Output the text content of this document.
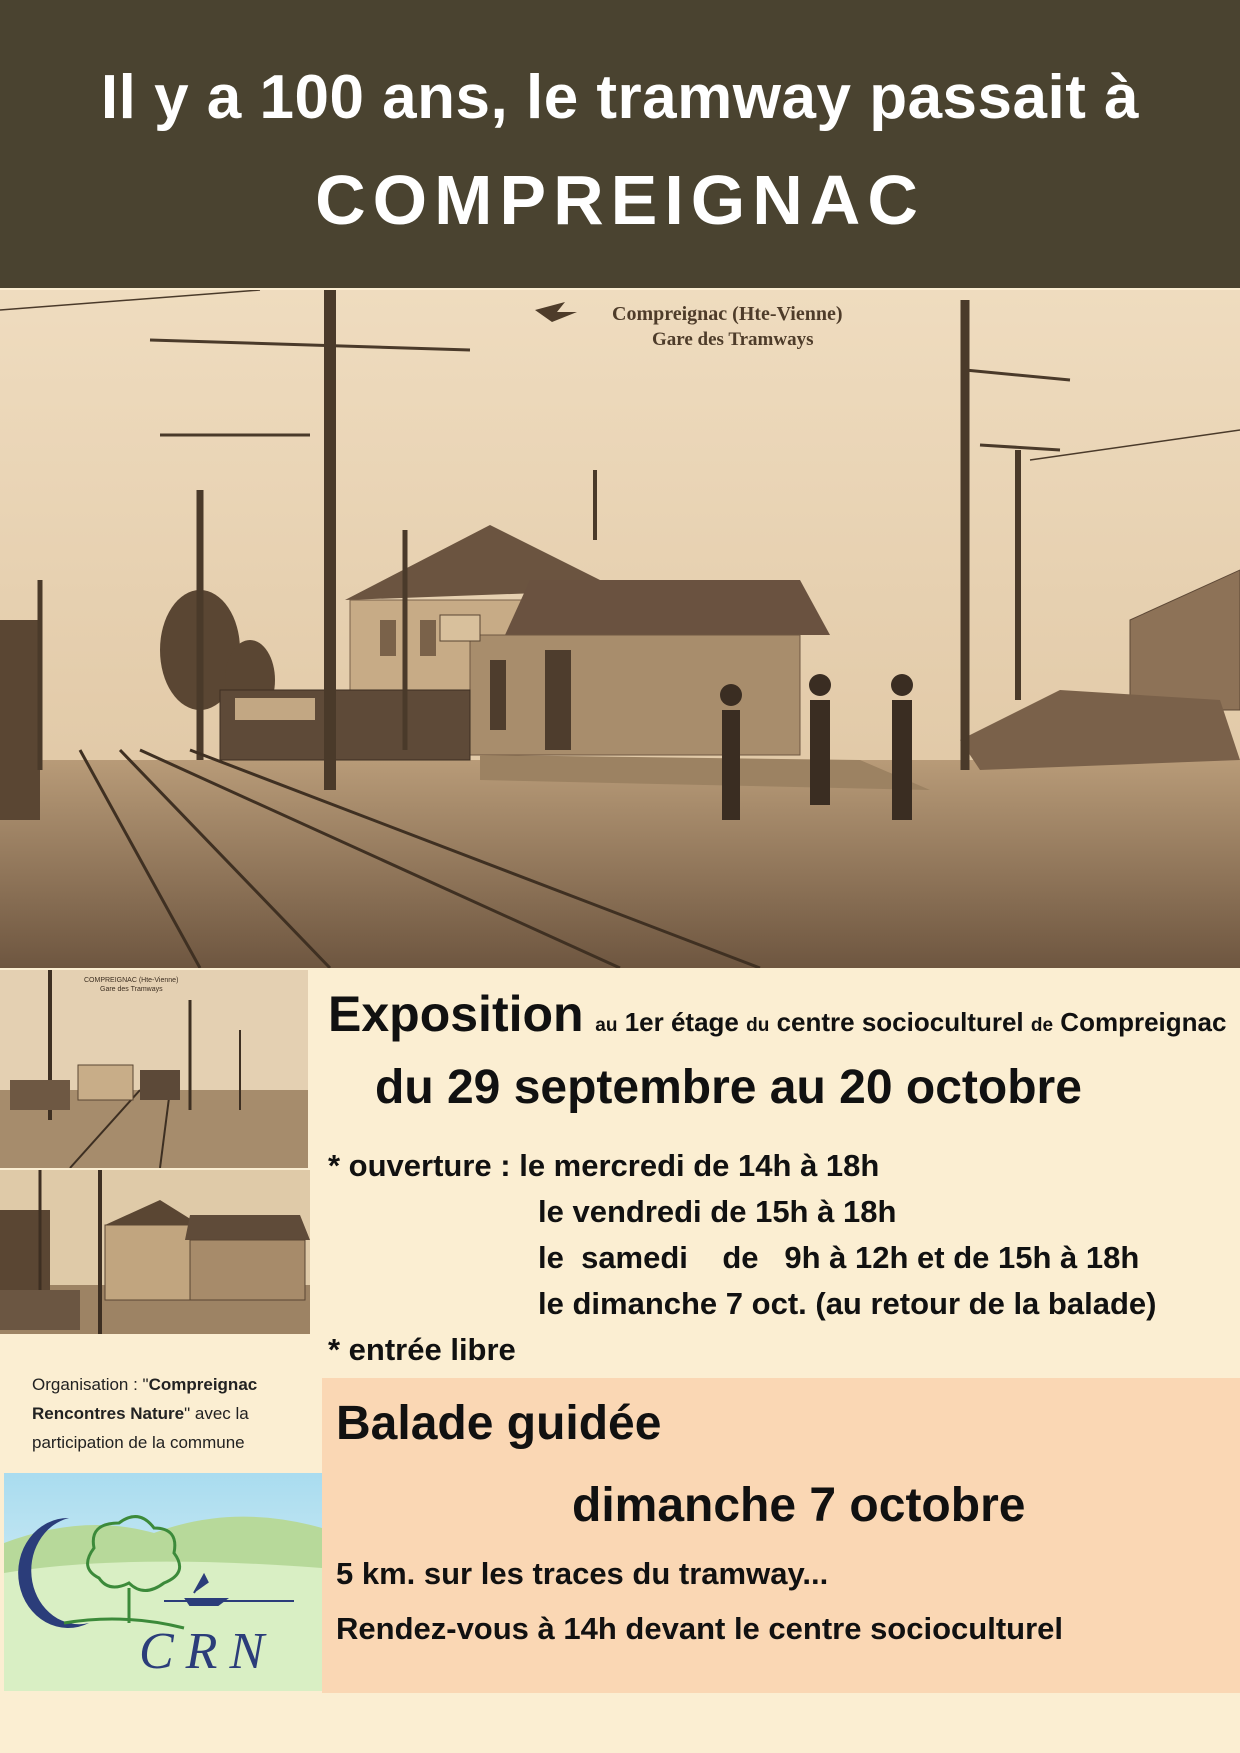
Il y a 100 ans, le tramway passait à
COMPREIGNAC
Compreignac (Hte-Vienne)
Gare des Tramways
COMPREIGNAC (Hte-Vienne)
Gare des Tramways
Organisation : "Compreignac Rencontres Nature" avec la participation de la commune
CRN
Exposition au 1er étage du centre socioculturel de Compreignac
du 29 septembre au 20 octobre
* ouverture : le mercredi de 14h à 18h
le vendredi de 15h à 18h
le  samedi    de   9h à 12h et de 15h à 18h
le dimanche 7 oct. (au retour de la balade)
* entrée libre
Balade guidée
dimanche 7 octobre
5 km. sur les traces du tramway...
Rendez-vous à 14h devant le centre socioculturel
